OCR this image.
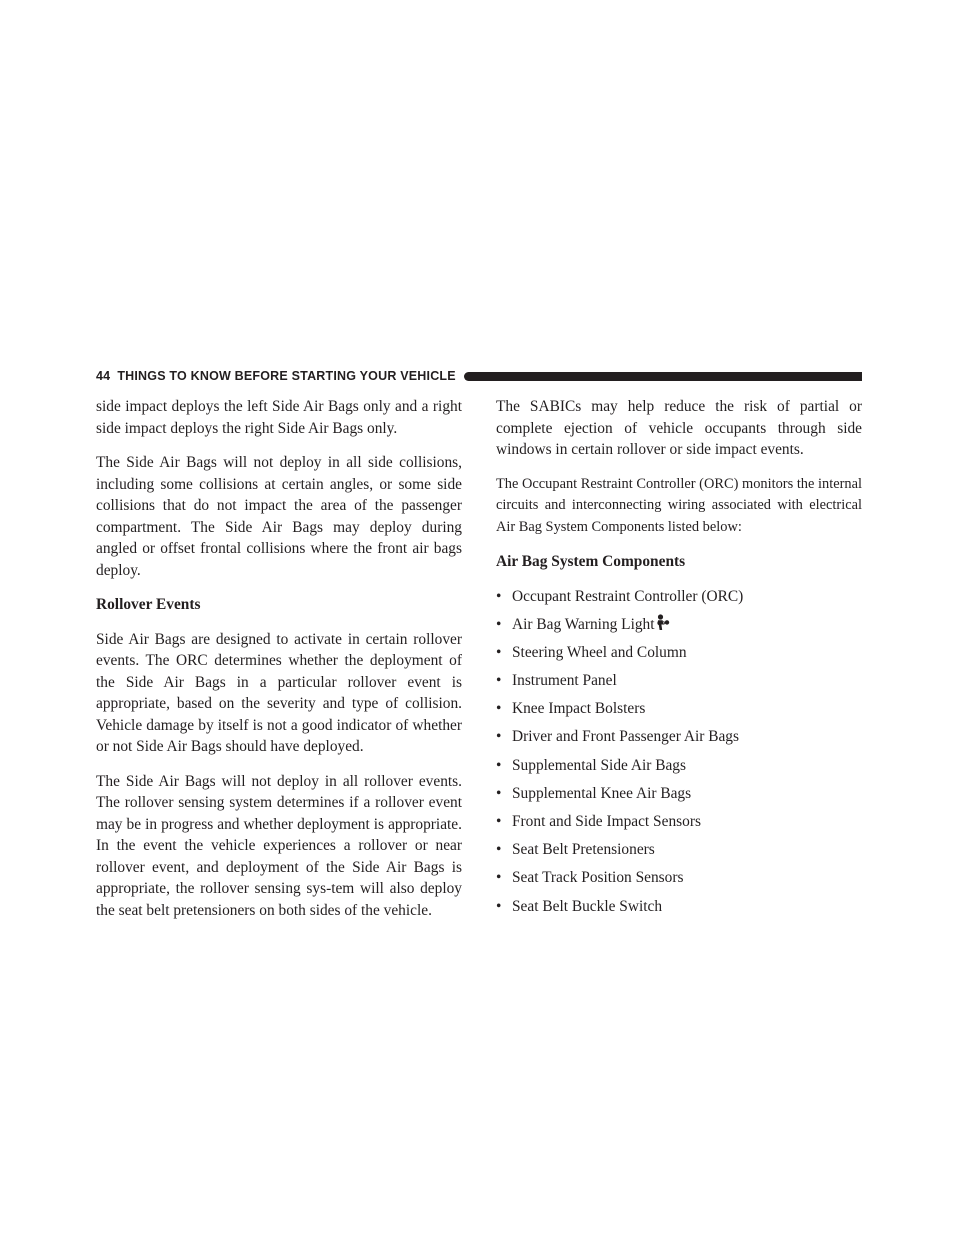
44 THINGS TO KNOW BEFORE STARTING YOUR VEHICLE

side impact deploys the left Side Air Bags only and a right side impact deploys the right Side Air Bags only.

The Side Air Bags will not deploy in all side collisions, including some collisions at certain angles, or some side collisions that do not impact the area of the passenger compartment. The Side Air Bags may deploy during angled or offset frontal collisions where the front air bags deploy.

Rollover Events

Side Air Bags are designed to activate in certain rollover events. The ORC determines whether the deployment of the Side Air Bags in a particular rollover event is appropriate, based on the severity and type of collision. Vehicle damage by itself is not a good indicator of whether or not Side Air Bags should have deployed.

The Side Air Bags will not deploy in all rollover events. The rollover sensing system determines if a rollover event may be in progress and whether deployment is appropriate. In the event the vehicle experiences a rollover or near rollover event, and deployment of the Side Air Bags is appropriate, the rollover sensing sys-tem will also deploy the seat belt pretensioners on both sides of the vehicle.

The SABICs may help reduce the risk of partial or complete ejection of vehicle occupants through side windows in certain rollover or side impact events.

The Occupant Restraint Controller (ORC) monitors the internal circuits and interconnecting wiring associated with electrical Air Bag System Components listed below:

Air Bag System Components
• Occupant Restraint Controller (ORC)
• Air Bag Warning Light
• Steering Wheel and Column
• Instrument Panel
• Knee Impact Bolsters
• Driver and Front Passenger Air Bags
• Supplemental Side Air Bags
• Supplemental Knee Air Bags
• Front and Side Impact Sensors
• Seat Belt Pretensioners
• Seat Track Position Sensors
• Seat Belt Buckle Switch
